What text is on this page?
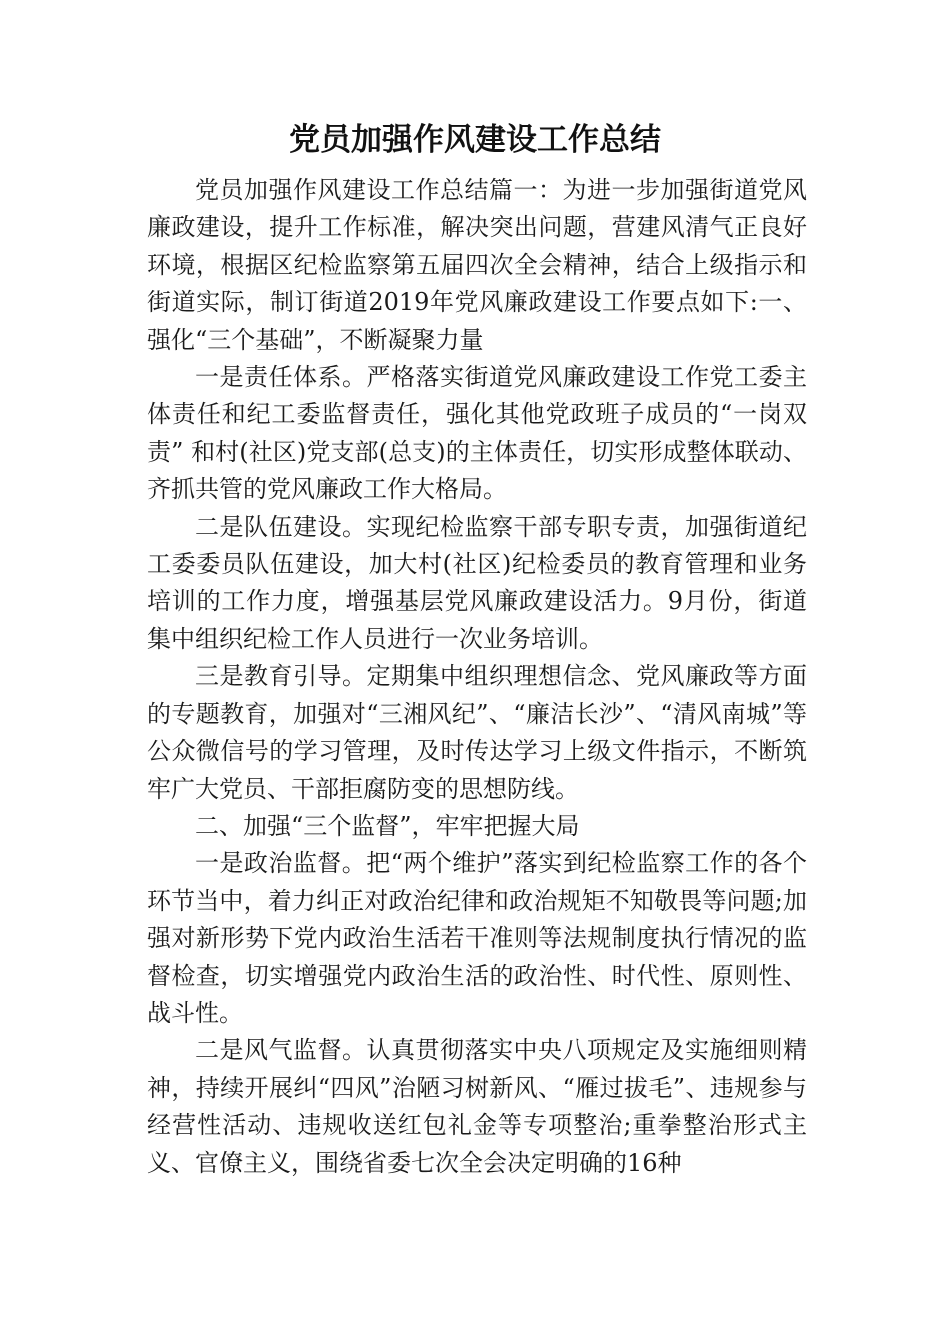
党员加强作风建设工作总结

党员加强作风建设工作总结篇一：为进一步加强街道党风廉政建设，提升工作标准，解决突出问题，营建风清气正良好环境，根据区纪检监察第五届四次全会精神，结合上级指示和街道实际，制订街道2019年党风廉政建设工作要点如下:一、强化“三个基础”，不断凝聚力量

一是责任体系。严格落实街道党风廉政建设工作党工委主体责任和纪工委监督责任，强化其他党政班子成员的“一岗双责” 和村(社区)党支部(总支)的主体责任，切实形成整体联动、齐抓共管的党风廉政工作大格局。

二是队伍建设。实现纪检监察干部专职专责，加强街道纪工委委员队伍建设，加大村(社区)纪检委员的教育管理和业务培训的工作力度，增强基层党风廉政建设活力。9月份，街道集中组织纪检工作人员进行一次业务培训。

三是教育引导。定期集中组织理想信念、党风廉政等方面的专题教育，加强对“三湘风纪”、“廉洁长沙”、“清风南城”等公众微信号的学习管理，及时传达学习上级文件指示，不断筑牢广大党员、干部拒腐防变的思想防线。

二、加强“三个监督”，牢牢把握大局

一是政治监督。把“两个维护”落实到纪检监察工作的各个环节当中，着力纠正对政治纪律和政治规矩不知敬畏等问题;加强对新形势下党内政治生活若干准则等法规制度执行情况的监督检查，切实增强党内政治生活的政治性、时代性、原则性、战斗性。

二是风气监督。认真贯彻落实中央八项规定及实施细则精神，持续开展纠“四风”治陋习树新风、“雁过拔毛”、违规参与经营性活动、违规收送红包礼金等专项整治;重拳整治形式主义、官僚主义，围绕省委七次全会决定明确的16种
